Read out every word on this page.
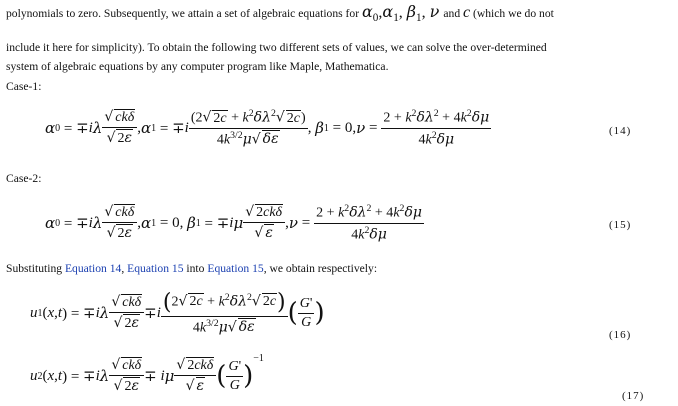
polynomials to zero. Subsequently, we attain a set of algebraic equations for $\alpha_0,\alpha_1$, $\beta_1$, ν and c (which we do not
include it here for simplicity). To obtain the following two different sets of values, we can solve the over-determined
system of algebraic equations by any computer program like Maple, Mathematica.
Case-1:
α 0 = ∓ i λ $\frac{\text{√ ckδ}}{√ 2\varepsilon}$ , α 1 = ∓ i $\frac{(2√ 2c + k^2\delta\lambda^2√ 2c)}{4k^{3/2}\mu√ \delta\varepsilon}$ , β 1 = 0, $\nu = \frac{2 + k^2\delta\lambda^2 + 4k^2\delta\mu}{4k^2\delta\mu}$	(14)
Case-2:
α 0 = ∓ i λ $\frac{\text{√ ckδ}}{√ 2\varepsilon}$ , α 1 = 0, β 1 = ∓ i μ $\frac{\text{√ 2ckδ}}{√ \varepsilon}$ , $\nu = \frac{2 + k^2\delta\lambda^2 + 4k^2\delta\mu}{4k^2\delta\mu}$	(15)
Substituting Equation 14, Equation 15 into Equation 15, we obtain respectively:
u 1 ( x , t ) = ∓ i λ $\frac{\text{√ ckδ}}{√ 2\varepsilon} \mp i \frac{(2√ 2c + k^2\delta\lambda^2√ 2c)}{4k^{3/2}\mu√ \delta\varepsilon}$ ( $\frac{G'}{G}$ )
(16)
u 2 ( x , t ) = ∓ i λ $\frac{\text{√ ckδ}}{√ 2\varepsilon} \mp i$ μ $\frac{\text{√ 2ckδ}}{√ \varepsilon}$ ( $\frac{G'}{G}$ )
$^{-1}$
(17)
